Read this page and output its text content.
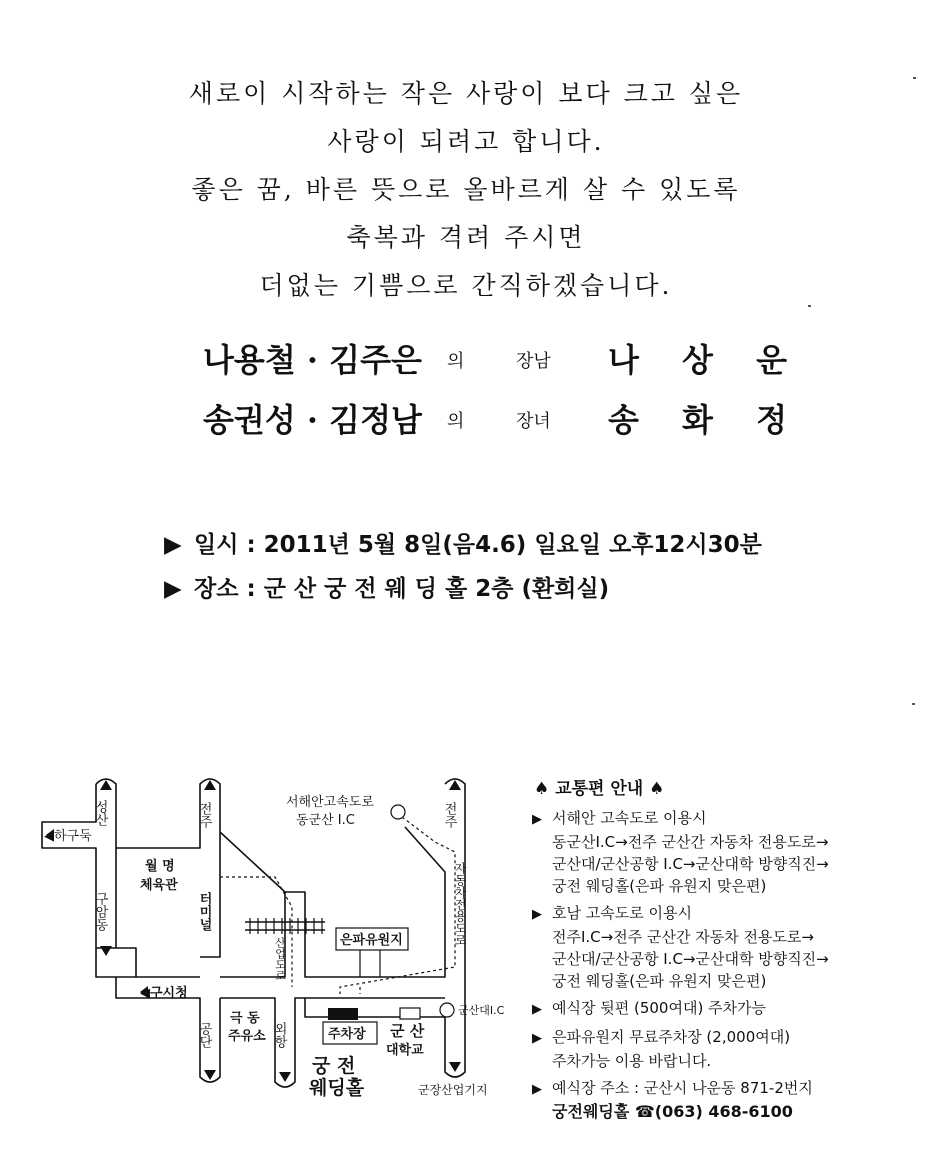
새로이 시작하는 작은 사랑이 보다 크고 싶은
사랑이 되려고 합니다.
좋은 꿈, 바른 뜻으로 올바르게 살 수 있도록
축복과 격려 주시면
더없는 기쁨으로 간직하겠습니다.
나용철 · 김주은 의	장남 나 상 운
송권성 · 김정남 의	장녀 송 화 정
▶ 일시 : 2011년 5월 8일(음4.6) 일요일 오후12시30분
▶ 장소 : 군 산 궁 전 웨 딩 홀 2층 (환희실)
성산	전주	전주
◀하구둑
월 명
체육관
구암동	터미널
서해안고속도로
동군산 I.C
자동차전용도로
산업도로	은파유원지
◀구시청
극 동
주유소
공단	외항	주차장
궁 전
웨딩홀
군 산
대학교
군산대I.C
군장산업기지
♠ 교통편 안내 ♠
▶ 서해안 고속도로 이용시
동군산I.C→전주 군산간 자동차 전용도로→
군산대/군산공항 I.C→군산대학 방향직진→
궁전 웨딩홀(은파 유원지 맞은편)
▶ 호남 고속도로 이용시
전주I.C→전주 군산간 자동차 전용도로→
군산대/군산공항 I.C→군산대학 방향직진→
궁전 웨딩홀(은파 유원지 맞은편)
▶ 예식장 뒷편 (500여대) 주차가능
▶ 은파유원지 무료주차장 (2,000여대)
주차가능 이용 바랍니다.
▶ 예식장 주소 : 군산시 나운동 871-2번지
궁전웨딩홀 ☎(063) 468-6100
